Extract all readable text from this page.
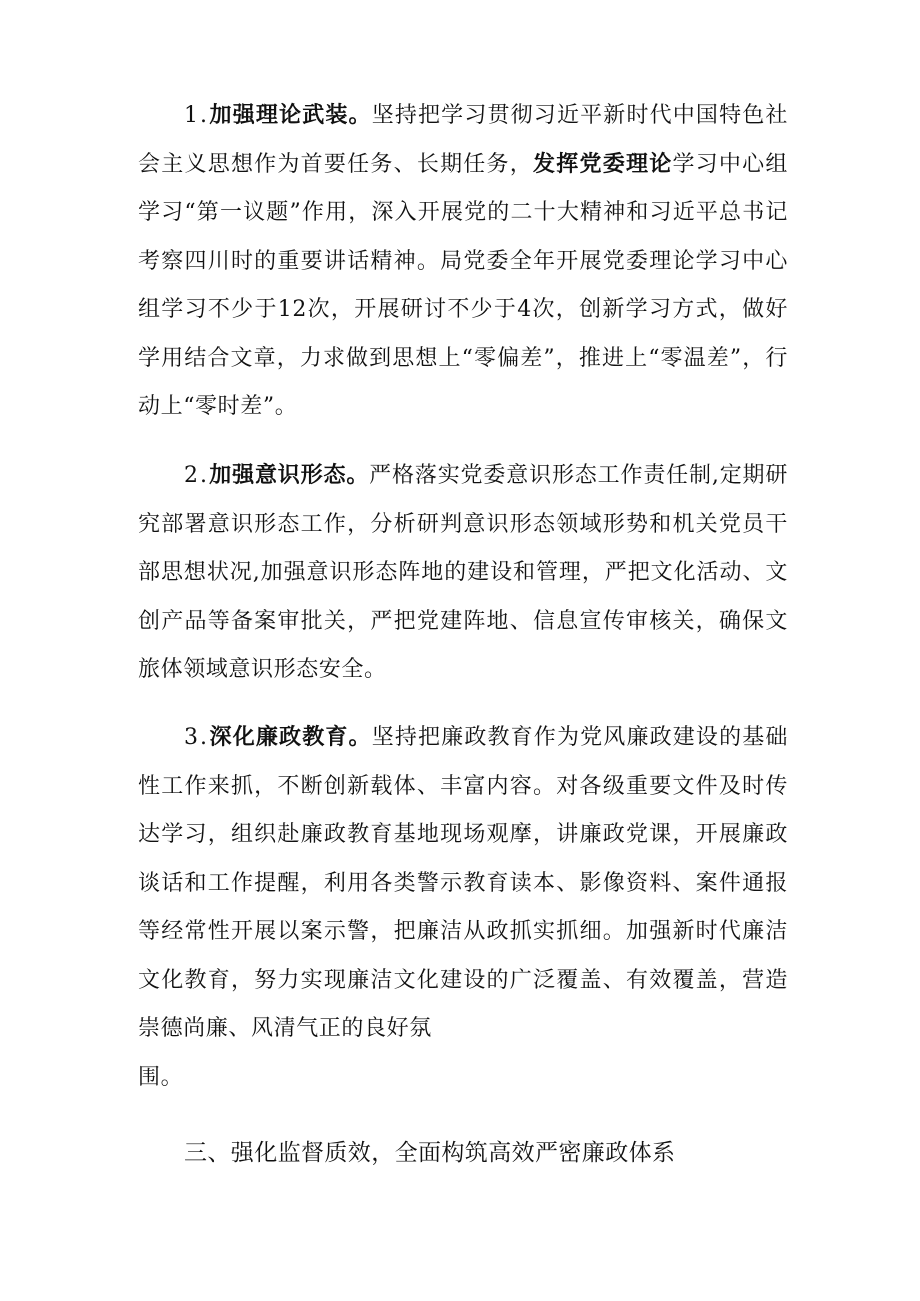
1.加强理论武装。坚持把学习贯彻习近平新时代中国特色社会主义思想作为首要任务、长期任务，发挥党委理论学习中心组学习“第一议题”作用，深入开展党的二十大精神和习近平总书记考察四川时的重要讲话精神。局党委全年开展党委理论学习中心组学习不少于12次，开展研讨不少于4次，创新学习方式，做好学用结合文章，力求做到思想上“零偏差”，推进上“零温差”，行动上“零时差”。

2.加强意识形态。严格落实党委意识形态工作责任制,定期研究部署意识形态工作，分析研判意识形态领域形势和机关党员干部思想状况,加强意识形态阵地的建设和管理，严把文化活动、文创产品等备案审批关，严把党建阵地、信息宣传审核关，确保文旅体领域意识形态安全。

3.深化廉政教育。坚持把廉政教育作为党风廉政建设的基础性工作来抓，不断创新载体、丰富内容。对各级重要文件及时传达学习，组织赴廉政教育基地现场观摩，讲廉政党课，开展廉政谈话和工作提醒，利用各类警示教育读本、影像资料、案件通报等经常性开展以案示警，把廉洁从政抓实抓细。加强新时代廉洁文化教育，努力实现廉洁文化建设的广泛覆盖、有效覆盖，营造崇德尚廉、风清气正的良好氛

围。

三、强化监督质效，全面构筑高效严密廉政体系
